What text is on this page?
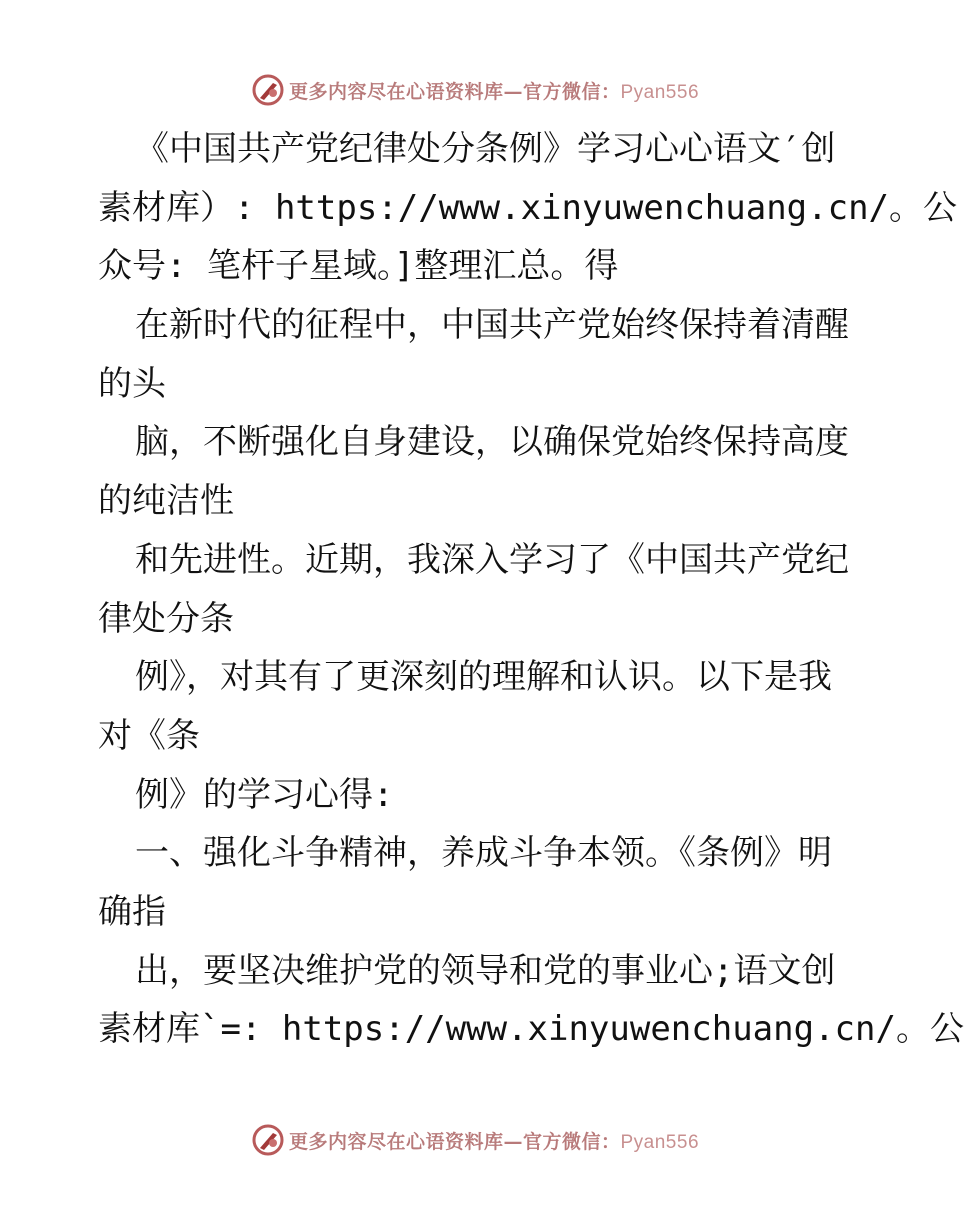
更多内容尽在心语资料库—官方微信：Pyan556
《中国共产党纪律处分条例》学习心心语文′创
素材库）: https://www.xinyuwenchuang.cn/。公
众号: 笔杆子星域。]整理汇总。得
在新时代的征程中，中国共产党始终保持着清醒
的头
脑，不断强化自身建设，以确保党始终保持高度
的纯洁性
和先进性。近期，我深入学习了《中国共产党纪
律处分条
例》，对其有了更深刻的理解和认识。以下是我
对《条
例》的学习心得:
一、强化斗争精神，养成斗争本领。《条例》明
确指
出，要坚决维护党的领导和党的事业心;语文创
素材库`=: https://www.xinyuwenchuang.cn/。公
更多内容尽在心语资料库—官方微信：Pyan556
